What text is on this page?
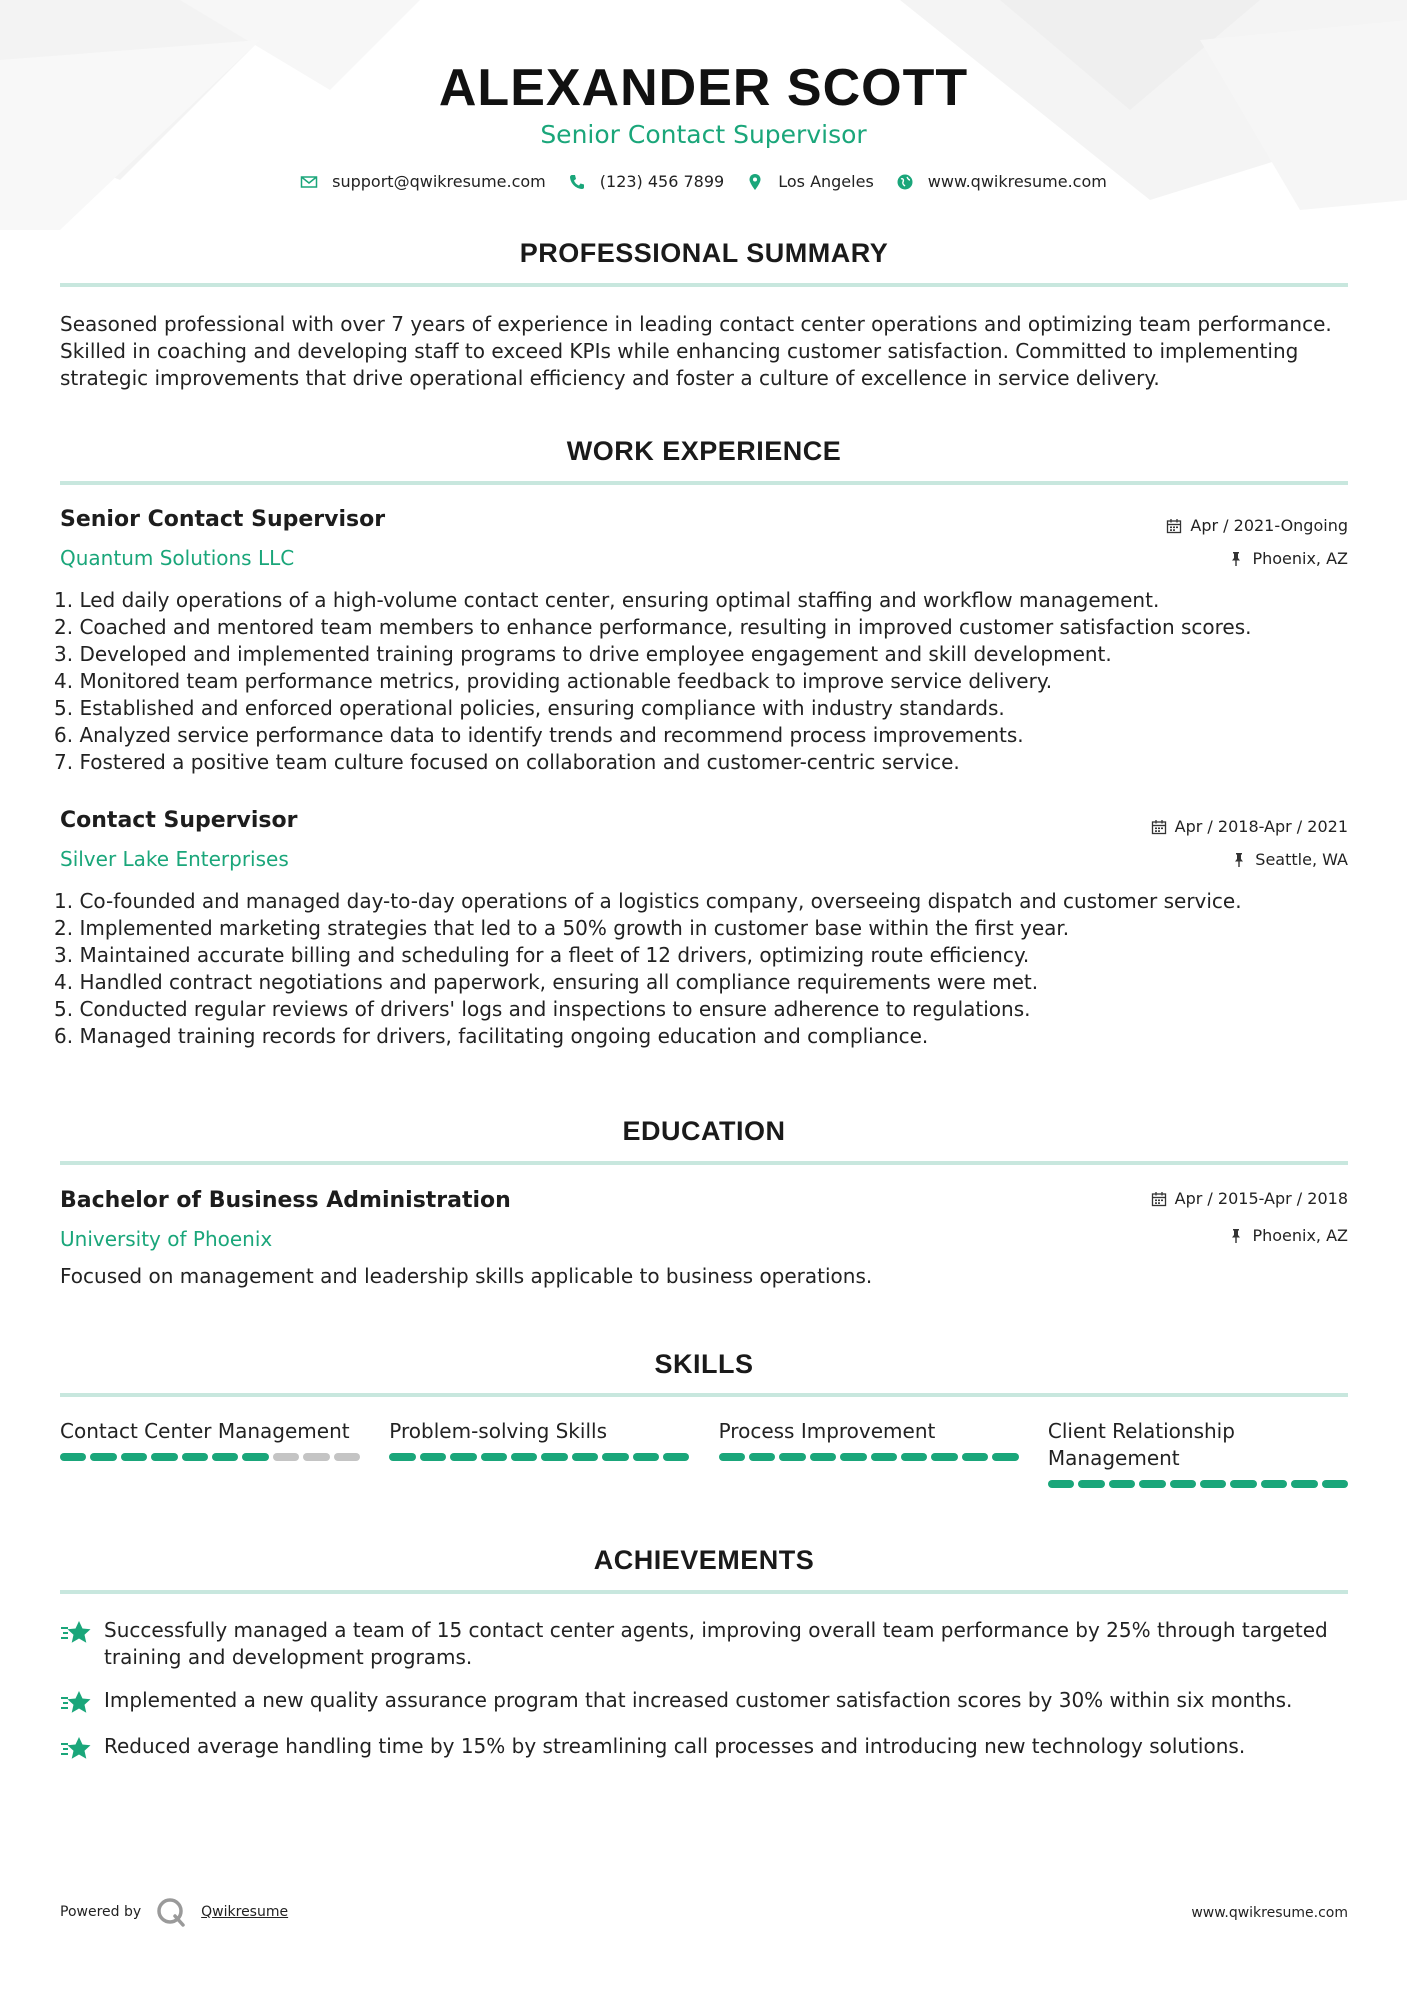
ALEXANDER SCOTT
Senior Contact Supervisor
support@qwikresume.com	(123) 456 7899	Los Angeles	www.qwikresume.com
PROFESSIONAL SUMMARY
Seasoned professional with over 7 years of experience in leading contact center operations and optimizing team performance. Skilled in coaching and developing staff to exceed KPIs while enhancing customer satisfaction. Committed to implementing strategic improvements that drive operational efficiency and foster a culture of excellence in service delivery.
WORK EXPERIENCE
Senior Contact Supervisor
Quantum Solutions LLC
Apr / 2021-Ongoing
Phoenix, AZ
1. Led daily operations of a high-volume contact center, ensuring optimal staffing and workflow management.
2. Coached and mentored team members to enhance performance, resulting in improved customer satisfaction scores.
3. Developed and implemented training programs to drive employee engagement and skill development.
4. Monitored team performance metrics, providing actionable feedback to improve service delivery.
5. Established and enforced operational policies, ensuring compliance with industry standards.
6. Analyzed service performance data to identify trends and recommend process improvements.
7. Fostered a positive team culture focused on collaboration and customer-centric service.
Contact Supervisor
Silver Lake Enterprises
Apr / 2018-Apr / 2021
Seattle, WA
1. Co-founded and managed day-to-day operations of a logistics company, overseeing dispatch and customer service.
2. Implemented marketing strategies that led to a 50% growth in customer base within the first year.
3. Maintained accurate billing and scheduling for a fleet of 12 drivers, optimizing route efficiency.
4. Handled contract negotiations and paperwork, ensuring all compliance requirements were met.
5. Conducted regular reviews of drivers' logs and inspections to ensure adherence to regulations.
6. Managed training records for drivers, facilitating ongoing education and compliance.
EDUCATION
Bachelor of Business Administration
University of Phoenix
Apr / 2015-Apr / 2018
Phoenix, AZ
Focused on management and leadership skills applicable to business operations.
SKILLS
Contact Center Management	Problem-solving Skills	Process Improvement	Client Relationship Management
ACHIEVEMENTS
Successfully managed a team of 15 contact center agents, improving overall team performance by 25% through targeted training and development programs.
Implemented a new quality assurance program that increased customer satisfaction scores by 30% within six months.
Reduced average handling time by 15% by streamlining call processes and introducing new technology solutions.
Powered by	Qwikresume	www.qwikresume.com
